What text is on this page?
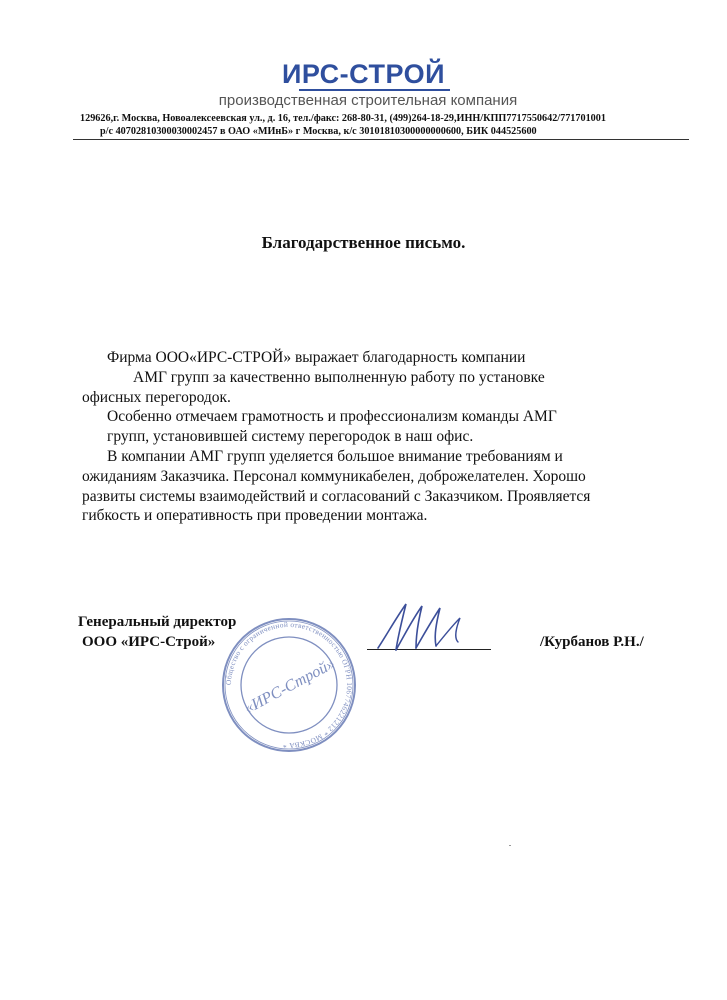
ИРС-СТРОЙ
производственная строительная компания
129626,г. Москва, Новоалексеевская ул., д. 16, тел./факс: 268-80-31, (499)264-18-29,ИНН/КПП7717550642/771701001
р/с 40702810300030002457 в ОАО «МИнБ» г Москва, к/с 30101810300000000600, БИК 044525600
Благодарственное письмо.
Фирма ООО«ИРС-СТРОЙ» выражает благодарность компании
АМГ групп за качественно выполненную работу по установке
офисных перегородок.
Особенно отмечаем грамотность и профессионализм команды АМГ
групп, установившей систему перегородок в наш офис.
В компании АМГ групп уделяется большое внимание требованиям и
ожиданиям Заказчика. Персонал коммуникабелен, доброжелателен. Хорошо
развиты системы взаимодействий и согласований с Заказчиком. Проявляется
гибкость и оперативность при проведении монтажа.
Общество с ограниченной ответственностью ОГРН 1067746221212 * МОСКВА *
«ИРС-Строй»
Генеральный директор
ООО «ИРС-Строй»	/Курбанов Р.Н./
